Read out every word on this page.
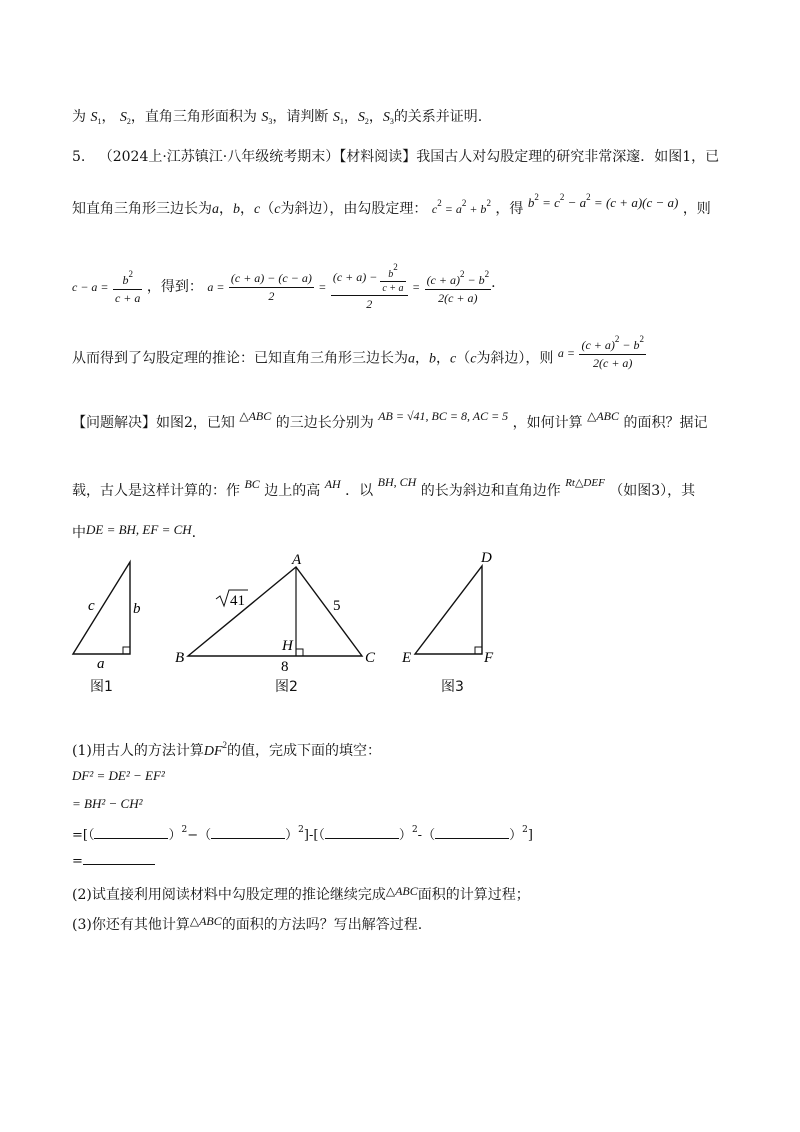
为 $S_1$， $S_2$，直角三角形面积为 $S_3$，请判断 $S_1$，$S_2$，$S_3$的关系并证明.
5. （2024上·江苏镇江·八年级统考期末）【材料阅读】我国古人对勾股定理的研究非常深邃．如图1，已
知直角三角形三边长为a，b，c（c为斜边），由勾股定理： $c^2 = a^2 + b^2$ ，得 $b^2 = c^2 - a^2 = (c + a)(c - a)$ ，则
$c - a = \frac{b^2}{c + a}$ ，得到： $a = \frac{(c + a) - (c - a)}{2} = \frac{(c + a) - \frac{b2}{c + a}}{2} = \frac{(c + a)^2 - b^2}{2(c + a)}$ ·
从而得到了勾股定理的推论：已知直角三角形三边长为a，b，c（c为斜边），则 $a = \frac{(c + a)^2 - b^2}{2(c + a)}$
【问题解决】如图2，已知 △ABC 的三边长分别为 AB = √41, BC = 8, AC = 5 ，如何计算 △ABC 的面积？据记
载，古人是这样计算的：作 BC 边上的高 AH ．以 BH, CH 的长为斜边和直角边作 $^{Rt\triangle DEF}$ （如图3），其
中DE = BH, EF = CH.
c	b
a
A
B	C
H
41	5
8
D
E	F
图1	图2	图3
(1)用古人的方法计算$DF^2$的值，完成下面的填空：
DF² = DE² − EF²
= BH² − CH²
=[（	）$^2$−（	）$^2$]-[（	）$^2$-（	）$^2$]
=
(2)试直接利用阅读材料中勾股定理的推论继续完成△ABC面积的计算过程；
(3)你还有其他计算△ABC的面积的方法吗？写出解答过程.
